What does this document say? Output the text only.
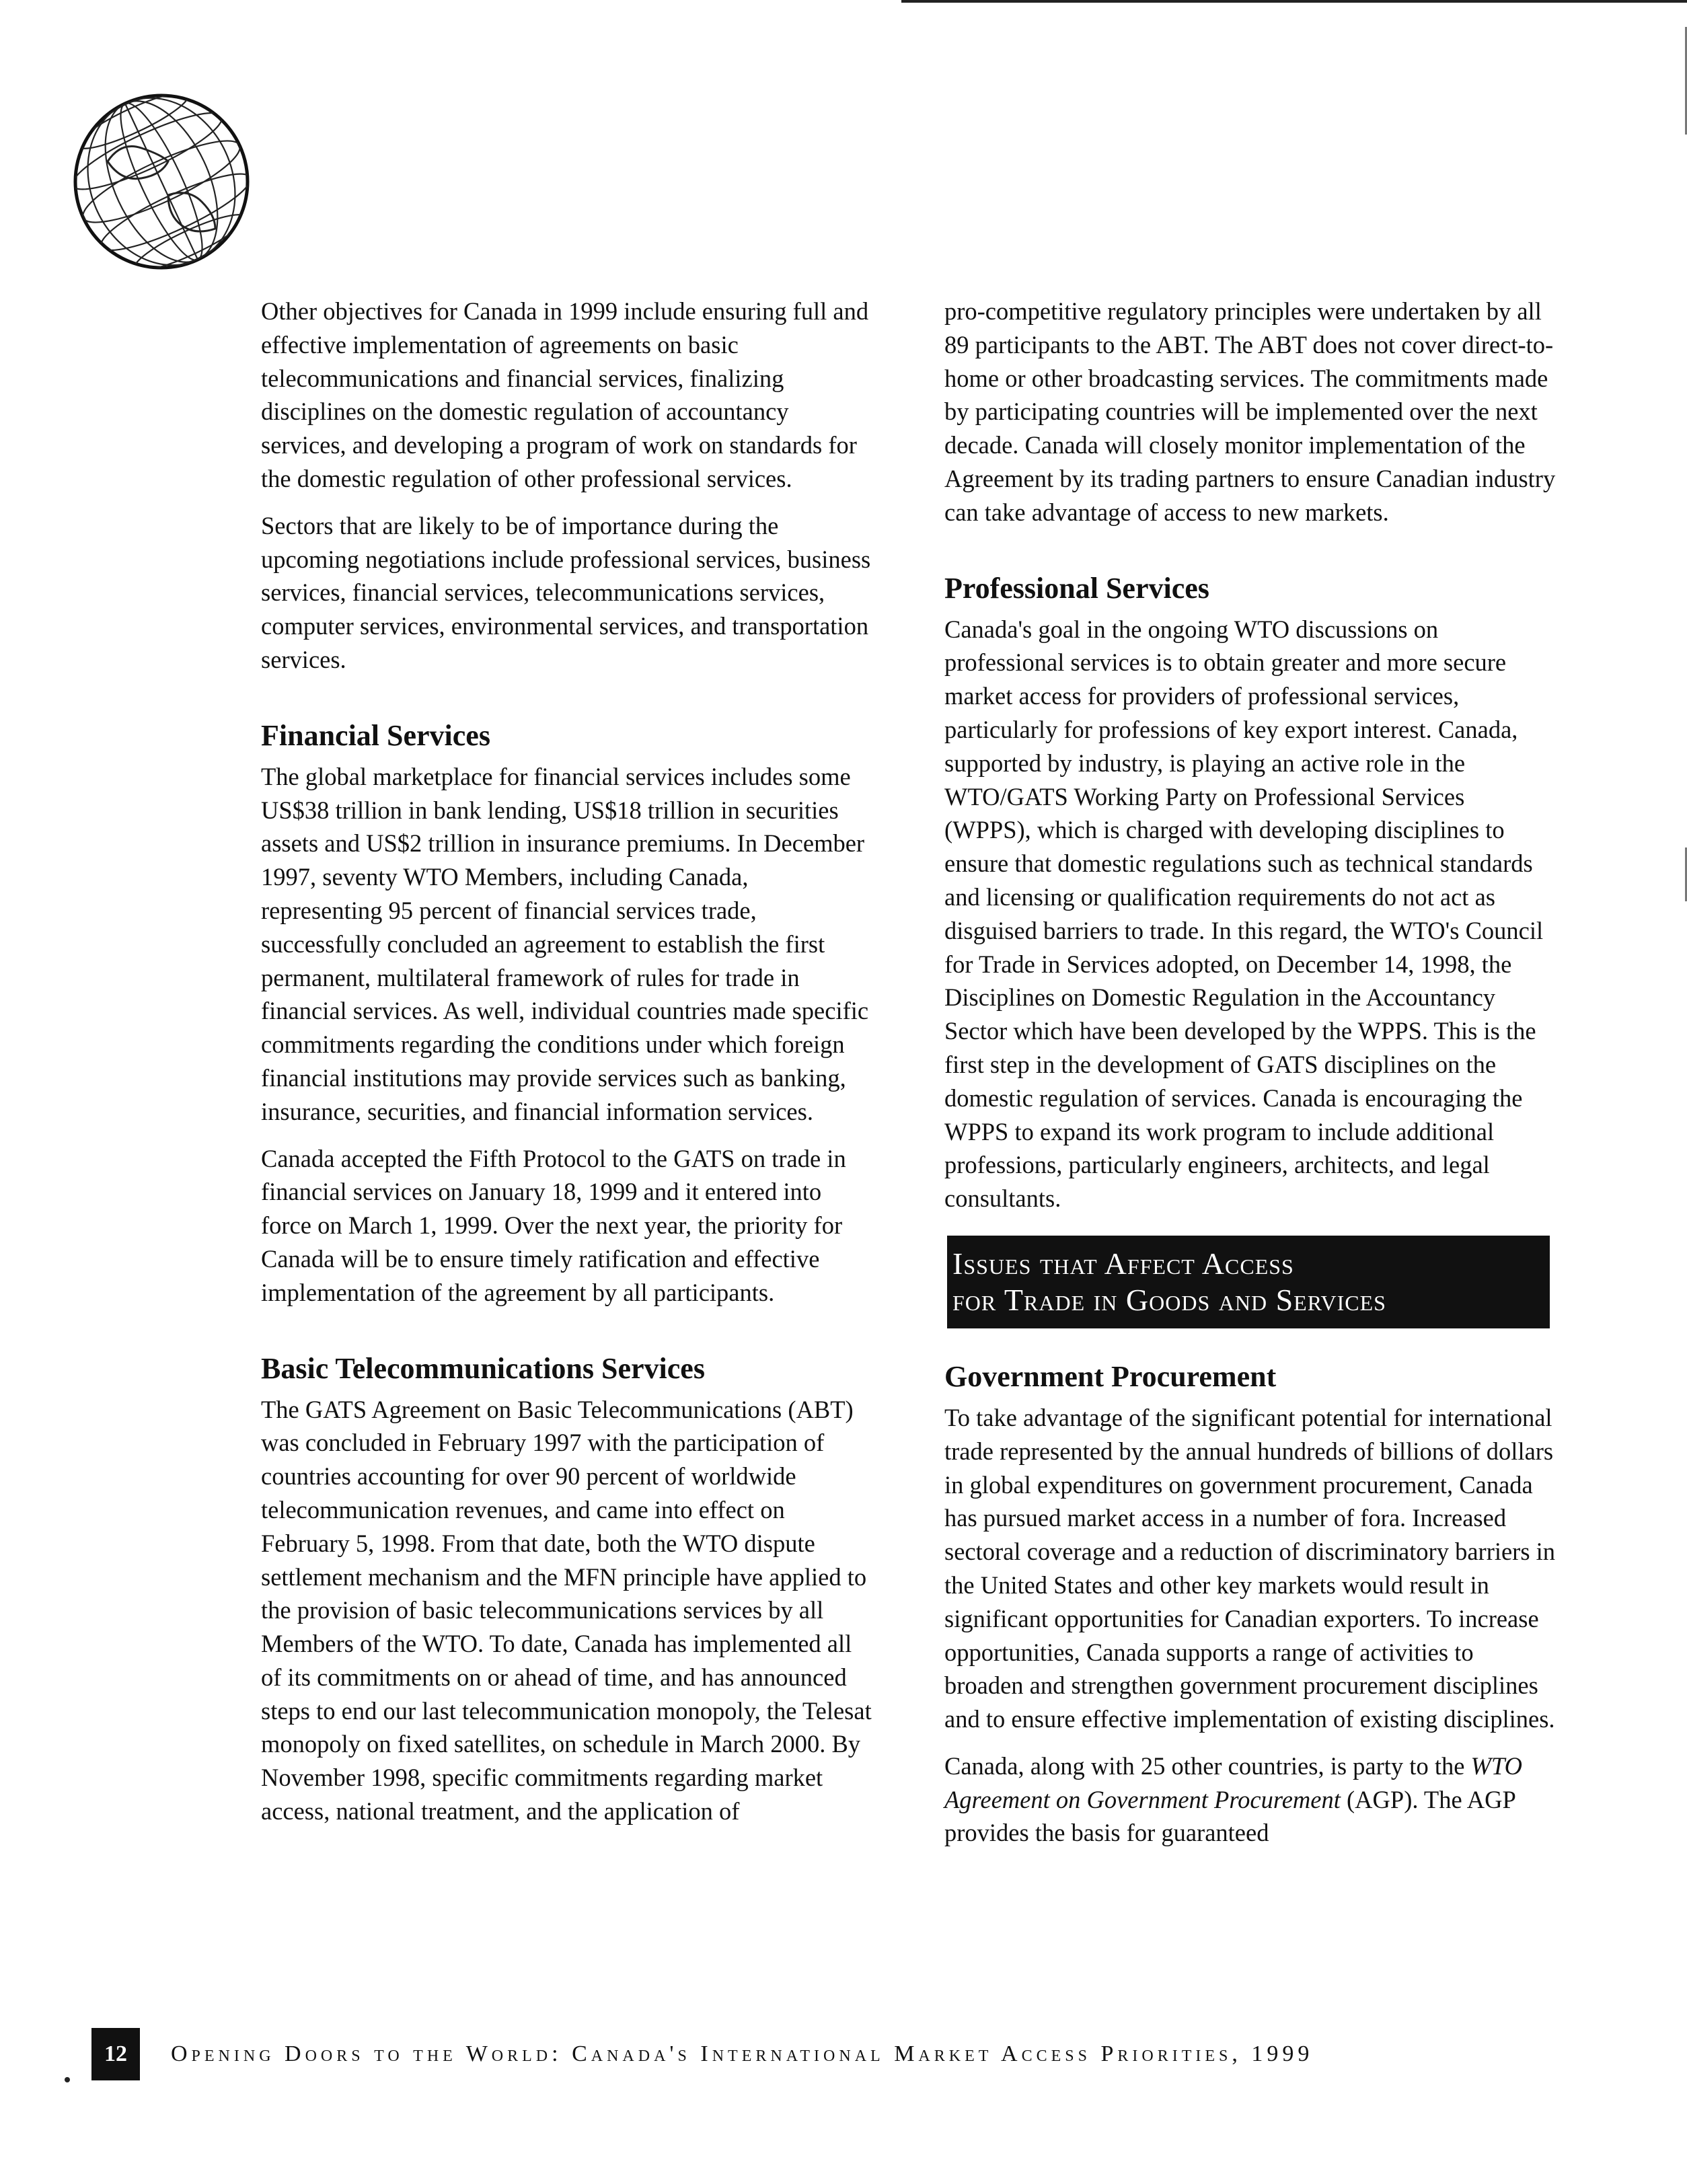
Other objectives for Canada in 1999 include ensuring full and effective implementation of agreements on basic telecommunications and financial services, finalizing disciplines on the domestic regulation of accountancy services, and developing a program of work on standards for the domestic regulation of other professional services.

Sectors that are likely to be of importance during the upcoming negotiations include professional services, business services, financial services, telecommunications services, computer services, environmental services, and transportation services.

Financial Services

The global marketplace for financial services includes some US$38 trillion in bank lending, US$18 trillion in securities assets and US$2 trillion in insurance premiums. In December 1997, seventy WTO Members, including Canada, representing 95 percent of financial services trade, successfully concluded an agreement to establish the first permanent, multilateral framework of rules for trade in financial services. As well, individual countries made specific commitments regarding the conditions under which foreign financial institutions may provide services such as banking, insurance, securities, and financial information services.

Canada accepted the Fifth Protocol to the GATS on trade in financial services on January 18, 1999 and it entered into force on March 1, 1999. Over the next year, the priority for Canada will be to ensure timely ratification and effective implementation of the agreement by all participants.

Basic Telecommunications Services

The GATS Agreement on Basic Telecommunications (ABT) was concluded in February 1997 with the participation of countries accounting for over 90 percent of worldwide telecommunication revenues, and came into effect on February 5, 1998. From that date, both the WTO dispute settlement mechanism and the MFN principle have applied to the provision of basic telecommunications services by all Members of the WTO. To date, Canada has implemented all of its commitments on or ahead of time, and has announced steps to end our last telecommunication monopoly, the Telesat monopoly on fixed satellites, on schedule in March 2000. By November 1998, specific commitments regarding market access, national treatment, and the application of

pro-competitive regulatory principles were undertaken by all 89 participants to the ABT. The ABT does not cover direct-to-home or other broadcasting services. The commitments made by participating countries will be implemented over the next decade. Canada will closely monitor implementation of the Agreement by its trading partners to ensure Canadian industry can take advantage of access to new markets.

Professional Services

Canada's goal in the ongoing WTO discussions on professional services is to obtain greater and more secure market access for providers of professional services, particularly for professions of key export interest. Canada, supported by industry, is playing an active role in the WTO/GATS Working Party on Professional Services (WPPS), which is charged with developing disciplines to ensure that domestic regulations such as technical standards and licensing or qualification requirements do not act as disguised barriers to trade. In this regard, the WTO's Council for Trade in Services adopted, on December 14, 1998, the Disciplines on Domestic Regulation in the Accountancy Sector which have been developed by the WPPS. This is the first step in the development of GATS disciplines on the domestic regulation of services. Canada is encouraging the WPPS to expand its work program to include additional professions, particularly engineers, architects, and legal consultants.

Issues that Affect Access
for Trade in Goods and Services
Government Procurement

To take advantage of the significant potential for international trade represented by the annual hundreds of billions of dollars in global expenditures on government procurement, Canada has pursued market access in a number of fora. Increased sectoral coverage and a reduction of discriminatory barriers in the United States and other key markets would result in significant opportunities for Canadian exporters. To increase opportunities, Canada supports a range of activities to broaden and strengthen government procurement disciplines and to ensure effective implementation of existing disciplines.

Canada, along with 25 other countries, is party to the WTO Agreement on Government Procurement (AGP). The AGP provides the basis for guaranteed

12	Opening Doors to the World: Canada's International Market Access Priorities, 1999
